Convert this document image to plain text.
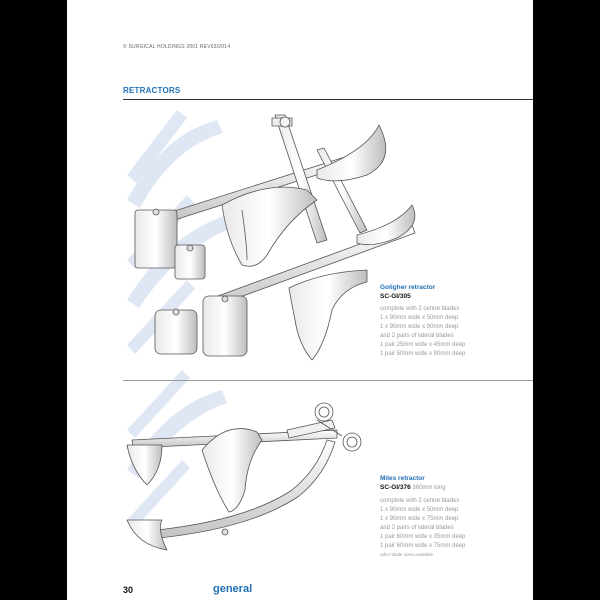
© SURGICAL HOLDINGS 2001 REV03/2014
RETRACTORS
Goligher retractor
SC-GI/305
complete with 2 centre blades
1 x 90mm wide x 50mm deep
1 x 90mm wide x 90mm deep
and 2 pairs of lateral blades
1 pair 25mm wide x 45mm deep
1 pair 50mm wide x 90mm deep
Miles retractor
SC-GI/376 360mm long
complete with 2 centre blades
1 x 90mm wide x 50mm deep
1 x 90mm wide x 75mm deep
and 2 pairs of lateral blades
1 pair 60mm wide x 35mm deep
1 pair 60mm wide x 75mm deep
other blade sizes available
30	general
